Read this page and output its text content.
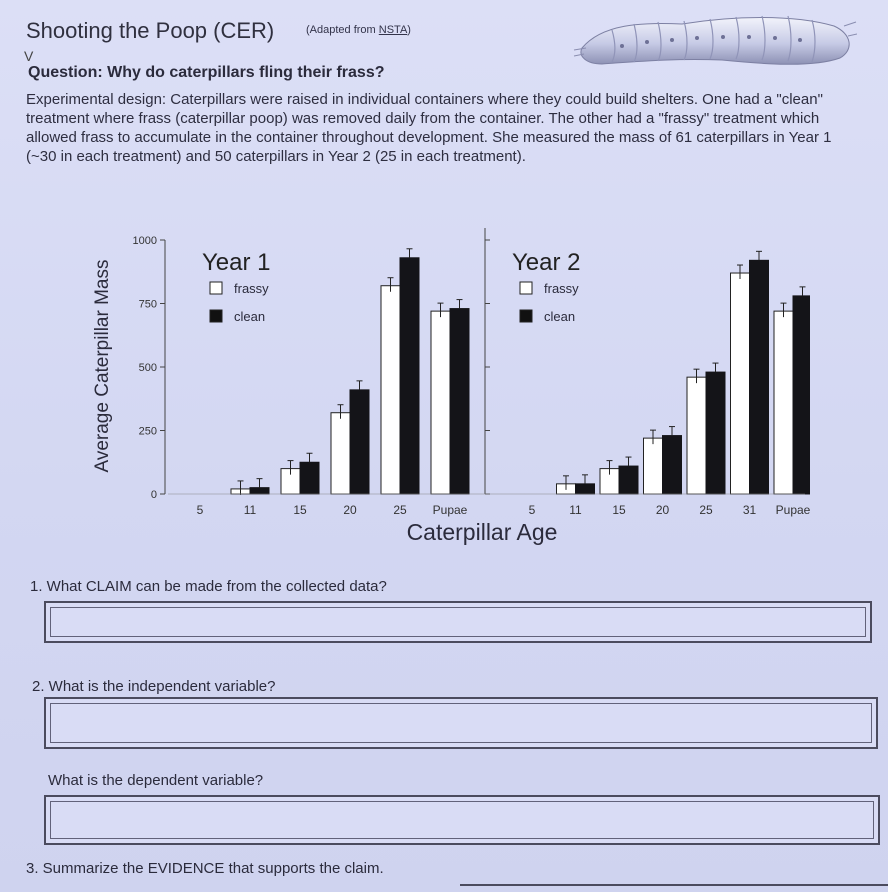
Shooting the Poop (CER)	(Adapted from NSTA)
V
Question: Why do caterpillars fling their frass?
Experimental design: Caterpillars were raised in individual containers where they could build shelters. One had a "clean" treatment where frass (caterpillar poop) was removed daily from the container. The other had a "frassy" treatment which allowed frass to accumulate in the container throughout development. She measured the mass of 61 caterpillars in Year 1 (~30 in each treatment) and 50 caterpillars in Year 2 (25 in each treatment).
Average Caterpillar Mass
0
250
500
750
1000
Year 1
frassy
clean
5	11	15	20	25 Pupae
Year 2
frassy
clean
5	11	15	20	25	31 Pupae
Caterpillar Age
1. What CLAIM can be made from the collected data?
2. What is the independent variable?
What is the dependent variable?
3. Summarize the EVIDENCE that supports the claim.
